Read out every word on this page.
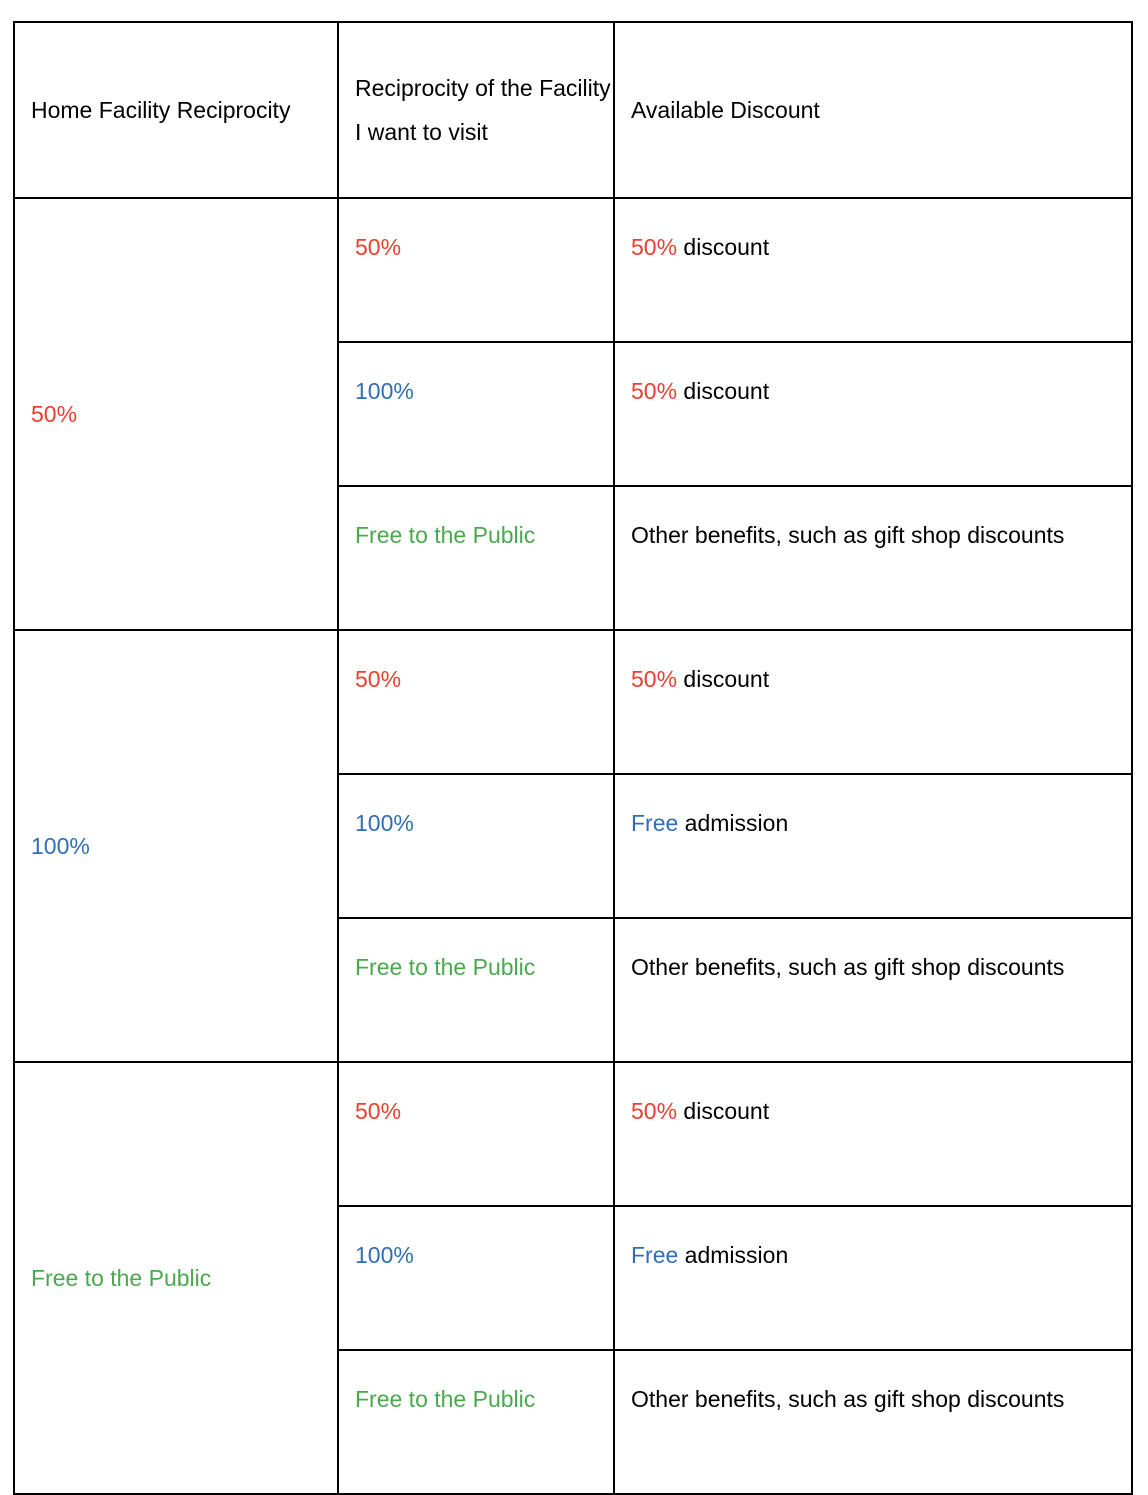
Home Facility Reciprocity	Reciprocity of the Facility I want to visit	Available Discount
50%	50%	50% discount
	100%	50% discount
	Free to the Public	Other benefits, such as gift shop discounts
100%	50%	50% discount
	100%	Free admission
	Free to the Public	Other benefits, such as gift shop discounts
Free to the Public	50%	50% discount
	100%	Free admission
	Free to the Public	Other benefits, such as gift shop discounts
